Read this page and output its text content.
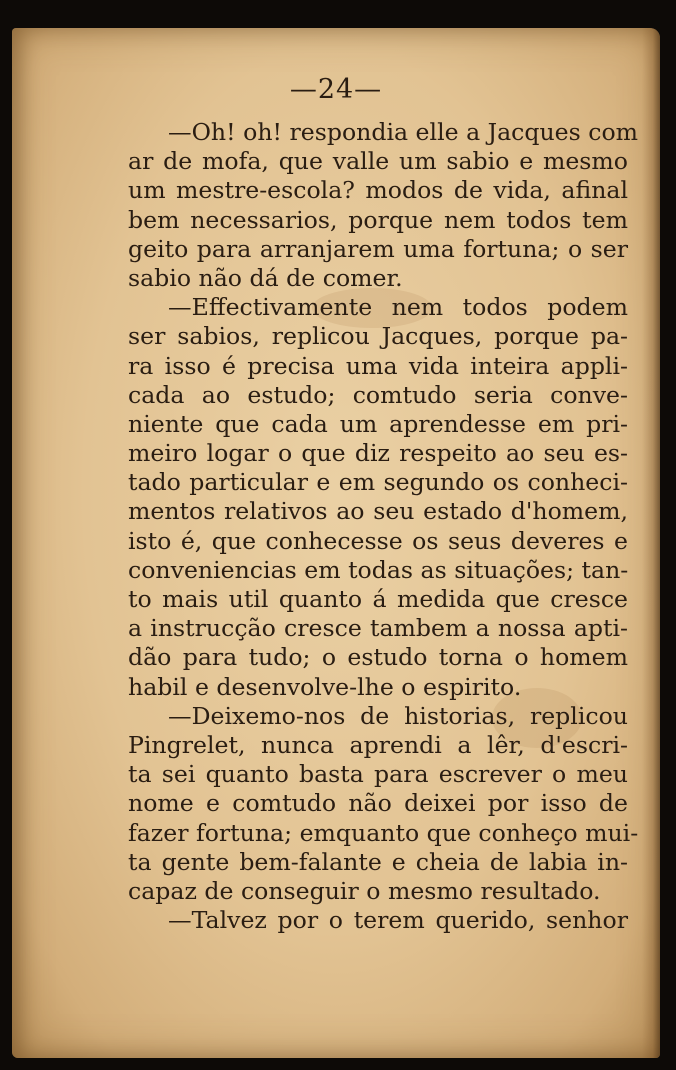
—24—
—Oh! oh! respondia elle a Jacques com
ar de mofa, que valle um sabio e mesmo
um mestre-escola? modos de vida, afinal
bem necessarios, porque nem todos tem
geito para arranjarem uma fortuna; o ser
sabio não dá de comer.
—Effectivamente nem todos podem
ser sabios, replicou Jacques, porque pa-
ra isso é precisa uma vida inteira appli-
cada ao estudo; comtudo seria conve-
niente que cada um aprendesse em pri-
meiro logar o que diz respeito ao seu es-
tado particular e em segundo os conheci-
mentos relativos ao seu estado d'homem,
isto é, que conhecesse os seus deveres e
conveniencias em todas as situações; tan-
to mais util quanto á medida que cresce
a instrucção cresce tambem a nossa apti-
dão para tudo; o estudo torna o homem
habil e desenvolve-lhe o espirito.
—Deixemo-nos de historias, replicou
Pingrelet, nunca aprendi a lêr, d'escri-
ta sei quanto basta para escrever o meu
nome e comtudo não deixei por isso de
fazer fortuna; emquanto que conheço mui-
ta gente bem-falante e cheia de labia in-
capaz de conseguir o mesmo resultado.
—Talvez por o terem querido, senhor
